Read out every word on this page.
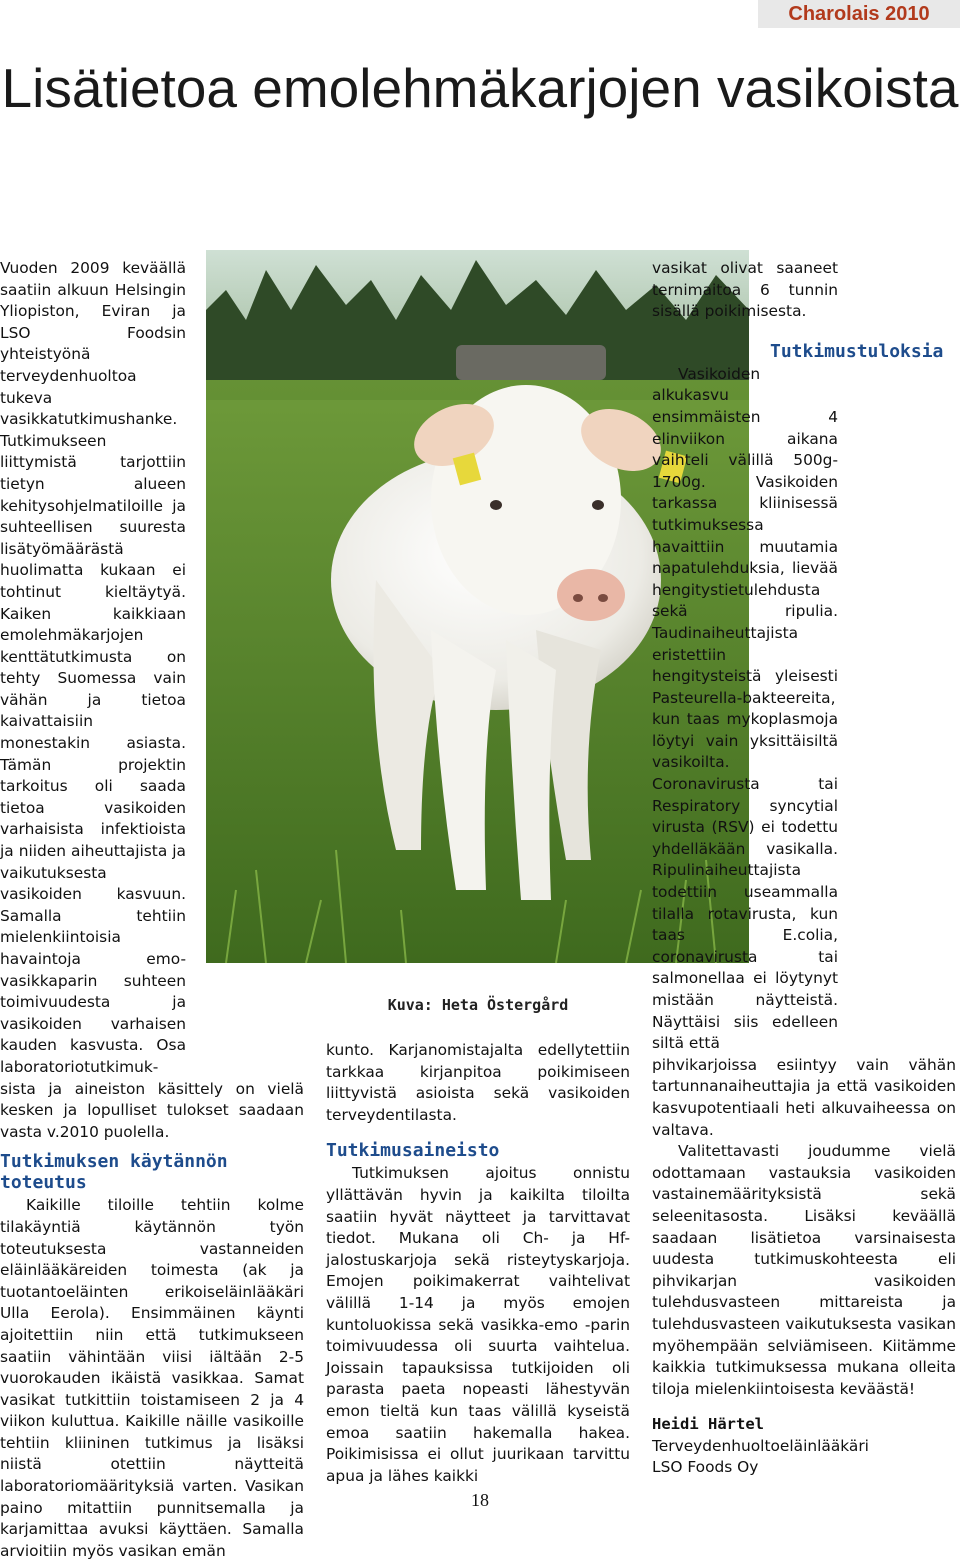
Charolais 2010
Lisätietoa emolehmäkarjojen vasikoista

Vuoden 2009 keväällä saatiin alkuun Helsingin Yliopiston, Eviran ja LSO Foodsin yhteistyönä terveydenhuoltoa tukeva vasikkatutkimushanke. Tutkimukseen liittymistä tarjottiin tietyn alueen kehitysohjelmatiloille ja suhteellisen suuresta lisätyömäärästä huolimatta kukaan ei tohtinut kieltäytyä. Kaiken kaikkiaan emolehmäkarjojen kenttätutkimusta on tehty Suomessa vain vähän ja tietoa kaivattaisiin monestakin asiasta. Tämän projektin tarkoitus oli saada tietoa vasikoiden varhaisista infektioista ja niiden aiheuttajista ja vaikutuksesta vasikoiden kasvuun. Samalla tehtiin mielenkiintoisia havaintoja emo-vasikkaparin suhteen toimivuudesta ja vasikoiden varhaisen kauden kasvusta. Osa laboratoriotutkimuk-

sista ja aineiston käsittely on vielä kesken ja lopulliset tulokset saadaan vasta v.2010 puolella.

Tutkimuksen käytännön toteutus

Kaikille tiloille tehtiin kolme tilakäyntiä käytännön työn toteutuksesta vastanneiden eläinlääkäreiden toimesta (ak ja tuotantoeläinten erikoiseläinlääkäri Ulla Eerola). Ensimmäinen käynti ajoitettiin niin että tutkimukseen saatiin vähintään viisi iältään 2-5 vuorokauden ikäistä vasikkaa. Samat vasikat tutkittiin toistamiseen 2 ja 4 viikon kuluttua. Kaikille näille vasikoille tehtiin kliininen tutkimus ja lisäksi niistä otettiin näytteitä laboratoriomäärityksiä varten. Vasikan paino mitattiin punnitsemalla ja karjamittaa avuksi käyttäen. Samalla arvioitiin myös vasikan emän

Kuva: Heta Östergård

kunto. Karjanomistajalta edellytettiin tarkkaa kirjanpitoa poikimiseen liittyvistä asioista sekä vasikoiden terveydentilasta.

Tutkimusaineisto

Tutkimuksen ajoitus onnistu yllättävän hyvin ja kaikilta tiloilta saatiin hyvät näytteet ja tarvittavat tiedot. Mukana oli Ch- ja Hf-jalostuskarjoja sekä risteytyskarjoja. Emojen poikimakerrat vaihtelivat välillä 1-14 ja myös emojen kuntoluokissa sekä vasikka-emo -parin toimivuudessa oli suurta vaihtelua. Joissain tapauksissa tutkijoiden oli parasta paeta nopeasti lähestyvän emon tieltä kun taas välillä kyseistä emoa saatiin hakemalla hakea. Poikimisissa ei ollut juurikaan tarvittu apua ja lähes kaikki

vasikat olivat saaneet ternimaitoa 6 tunnin sisällä poikimisesta.

Tutkimustuloksia

Vasikoiden alkukasvu ensimmäisten 4 elinviikon aikana vaihteli välillä 500g-1700g. Vasikoiden tarkassa kliinisessä tutkimuksessa havaittiin muutamia napatulehduksia, lievää hengitystietulehdusta sekä ripulia. Taudinaiheuttajista eristettiin hengitysteistä yleisesti Pasteurella-bakteereita, kun taas mykoplasmoja löytyi vain yksittäisiltä vasikoilta. Coronavirusta tai Respiratory syncytial virusta (RSV) ei todettu yhdelläkään vasikalla. Ripulinaiheuttajista todettiin useammalla tilalla rotavirusta, kun taas E.colia, coronavirusta tai salmonellaa ei löytynyt mistään näytteistä. Näyttäisi siis edelleen siltä että

pihvikarjoissa esiintyy vain vähän tartunnanaiheuttajia ja että vasikoiden kasvupotentiaali heti alkuvaiheessa on valtava.

Valitettavasti joudumme vielä odottamaan vastauksia vasikoiden vastainemäärityksistä sekä seleenitasosta. Lisäksi keväällä saadaan lisätietoa varsinaisesta uudesta tutkimuskohteesta eli pihvikarjan vasikoiden tulehdusvasteen mittareista ja tulehdusvasteen vaikutuksesta vasikan myöhempään selviämiseen. Kiitämme kaikkia tutkimuksessa mukana olleita tiloja mielenkiintoisesta keväästä!

Heidi Härtel
Terveydenhuoltoeläinlääkäri
LSO Foods Oy
18
